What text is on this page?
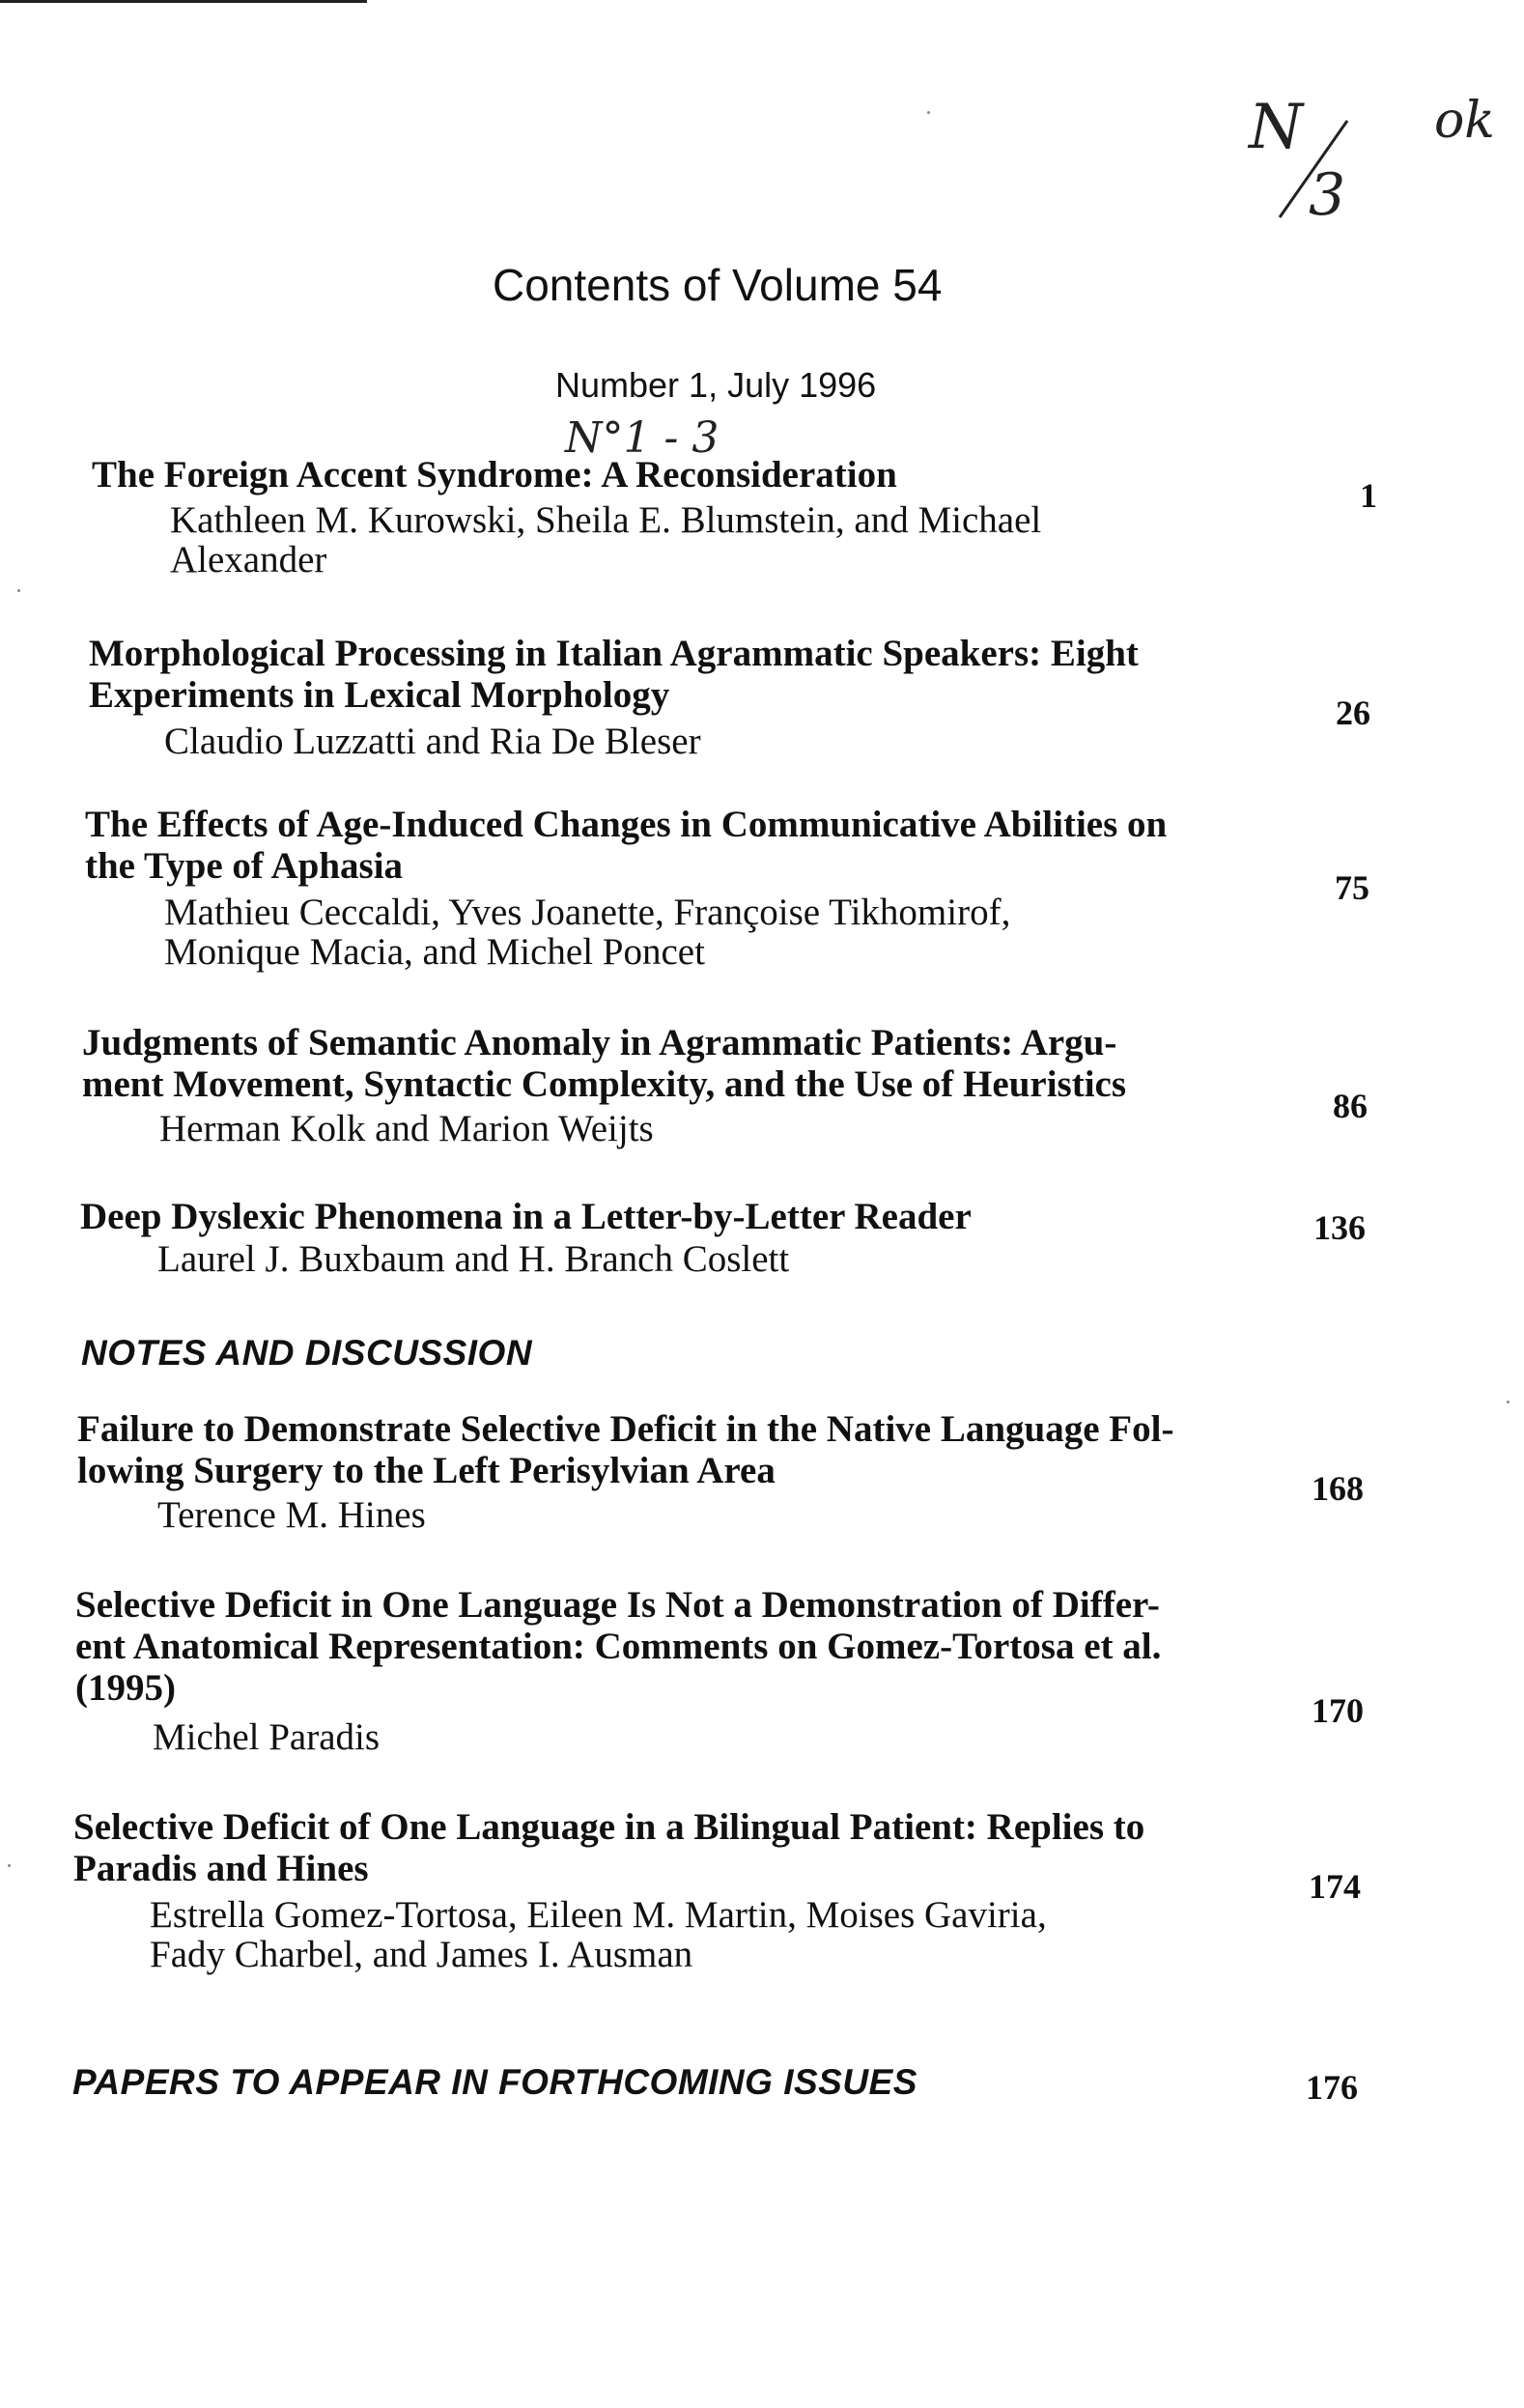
N
3
ok
Contents of Volume 54
Number 1, July 1996
N°1 - 3
The Foreign Accent Syndrome: A Reconsideration
Kathleen M. Kurowski, Sheila E. Blumstein, and Michael
Alexander
1
Morphological Processing in Italian Agrammatic Speakers: Eight
Experiments in Lexical Morphology
Claudio Luzzatti and Ria De Bleser
26
The Effects of Age-Induced Changes in Communicative Abilities on
the Type of Aphasia
Mathieu Ceccaldi, Yves Joanette, Françoise Tikhomirof,
Monique Macia, and Michel Poncet
75
Judgments of Semantic Anomaly in Agrammatic Patients: Argu-
ment Movement, Syntactic Complexity, and the Use of Heuristics
Herman Kolk and Marion Weijts
86
Deep Dyslexic Phenomena in a Letter-by-Letter Reader
Laurel J. Buxbaum and H. Branch Coslett
136
NOTES AND DISCUSSION
Failure to Demonstrate Selective Deficit in the Native Language Fol-
lowing Surgery to the Left Perisylvian Area
Terence M. Hines
168
Selective Deficit in One Language Is Not a Demonstration of Differ-
ent Anatomical Representation: Comments on Gomez-Tortosa et al.
(1995)
Michel Paradis
170
Selective Deficit of One Language in a Bilingual Patient: Replies to
Paradis and Hines
Estrella Gomez-Tortosa, Eileen M. Martin, Moises Gaviria,
Fady Charbel, and James I. Ausman
174
PAPERS TO APPEAR IN FORTHCOMING ISSUES	176
